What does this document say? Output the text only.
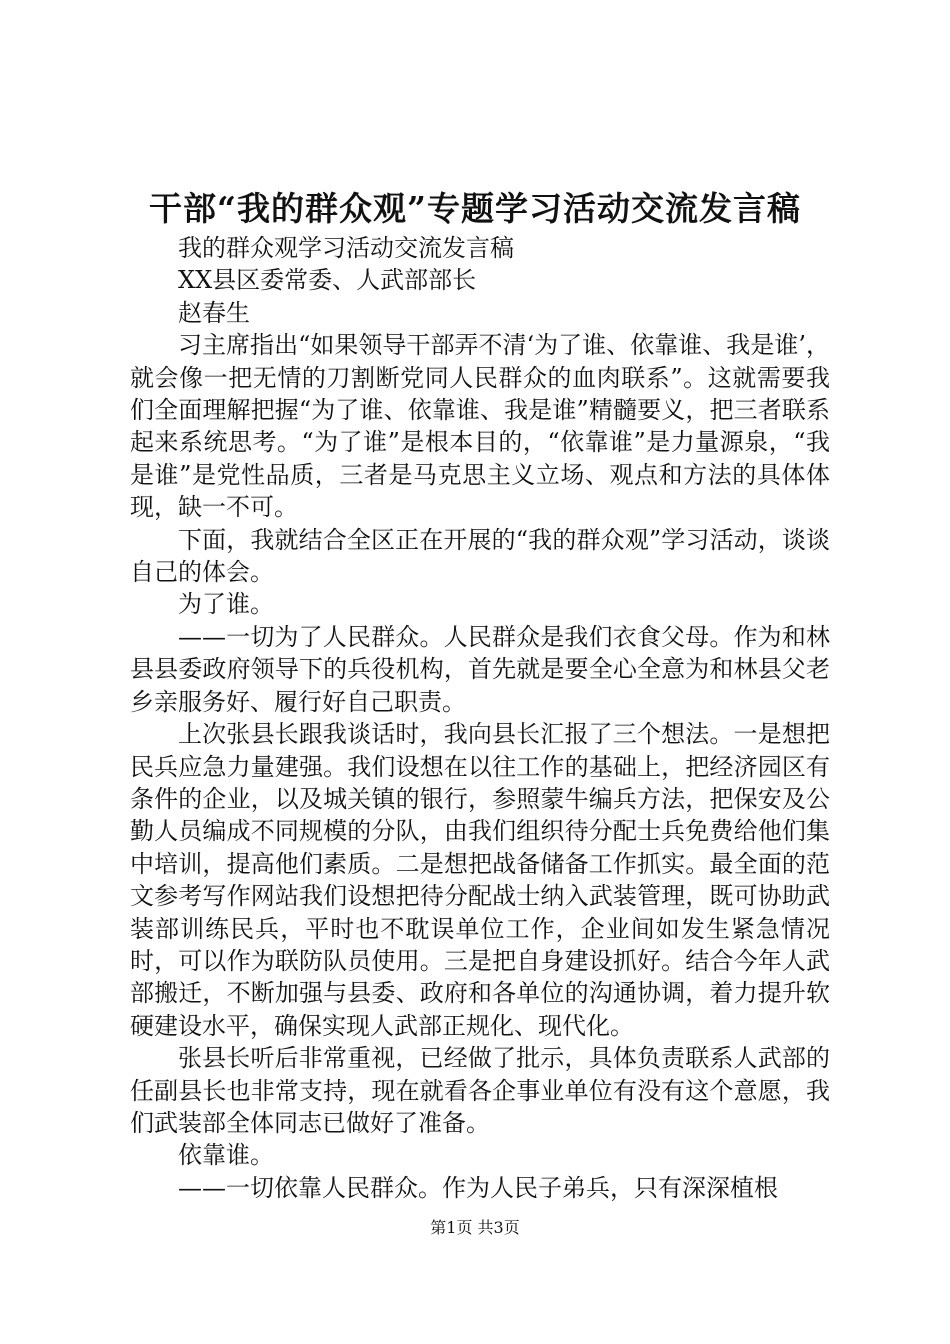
干部“我的群众观”专题学习活动交流发言稿

我的群众观学习活动交流发言稿

XX县区委常委、人武部部长

赵春生

习主席指出“如果领导干部弄不清‘为了谁、依靠谁、我是谁’，就会像一把无情的刀割断党同人民群众的血肉联系”。这就需要我们全面理解把握“为了谁、依靠谁、我是谁”精髓要义，把三者联系起来系统思考。“为了谁”是根本目的，“依靠谁”是力量源泉，“我是谁”是党性品质，三者是马克思主义立场、观点和方法的具体体现，缺一不可。

下面，我就结合全区正在开展的“我的群众观”学习活动，谈谈自己的体会。

为了谁。

——一切为了人民群众。人民群众是我们衣食父母。作为和林县县委政府领导下的兵役机构，首先就是要全心全意为和林县父老乡亲服务好、履行好自己职责。

上次张县长跟我谈话时，我向县长汇报了三个想法。一是想把民兵应急力量建强。我们设想在以往工作的基础上，把经济园区有条件的企业，以及城关镇的银行，参照蒙牛编兵方法，把保安及公勤人员编成不同规模的分队，由我们组织待分配士兵免费给他们集中培训，提高他们素质。二是想把战备储备工作抓实。最全面的范文参考写作网站我们设想把待分配战士纳入武装管理，既可协助武装部训练民兵，平时也不耽误单位工作，企业间如发生紧急情况时，可以作为联防队员使用。三是把自身建设抓好。结合今年人武部搬迁，不断加强与县委、政府和各单位的沟通协调，着力提升软硬建设水平，确保实现人武部正规化、现代化。

张县长听后非常重视，已经做了批示，具体负责联系人武部的任副县长也非常支持，现在就看各企事业单位有没有这个意愿，我们武装部全体同志已做好了准备。

依靠谁。

——一切依靠人民群众。作为人民子弟兵，只有深深植根

第1页 共3页
